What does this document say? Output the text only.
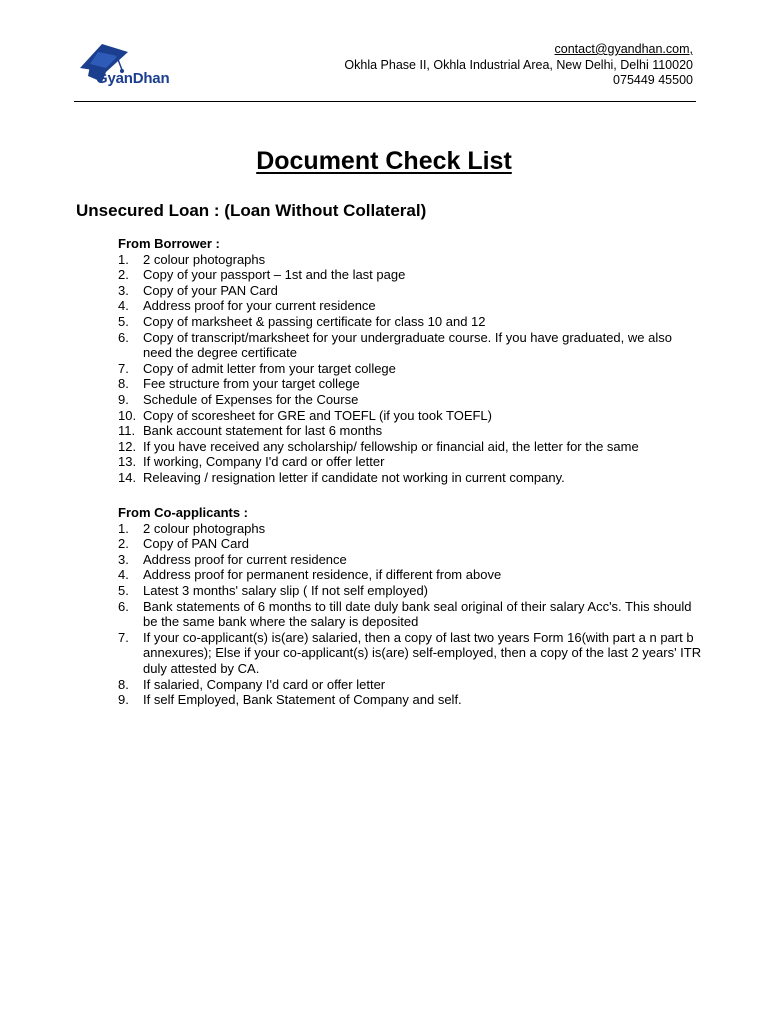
GyanDhan
contact@gyandhan.com,
Okhla Phase II, Okhla Industrial Area, New Delhi, Delhi 110020
075449 45500
Document Check List
Unsecured Loan : (Loan Without Collateral)
From Borrower :
1. 2 colour photographs
2. Copy of your passport – 1st and the last page
3. Copy of your PAN Card
4. Address proof for your current residence
5. Copy of marksheet & passing certificate for class 10 and 12
6. Copy of transcript/marksheet for your undergraduate course. If you have graduated, we also need the degree certificate
7. Copy of admit letter from your target college
8. Fee structure from your target college
9. Schedule of Expenses for the Course
10. Copy of scoresheet for GRE and TOEFL (if you took TOEFL)
11. Bank account statement for last 6 months
12. If you have received any scholarship/ fellowship or financial aid, the letter for the same
13. If working, Company I'd card or offer letter
14. Releaving / resignation letter if candidate not working in current company.
From Co-applicants :
1. 2 colour photographs
2. Copy of PAN Card
3. Address proof for current residence
4. Address proof for permanent residence, if different from above
5. Latest 3 months' salary slip ( If not self employed)
6. Bank statements of 6 months to till date duly bank seal original of their salary Acc's. This should be the same bank where the salary is deposited
7. If your co-applicant(s) is(are) salaried, then a copy of last two years Form 16(with part a n part b annexures); Else if your co-applicant(s) is(are) self-employed, then a copy of the last 2 years' ITR duly attested by CA.
8. If salaried, Company I'd card or offer letter
9. If self Employed, Bank Statement of Company and self.
